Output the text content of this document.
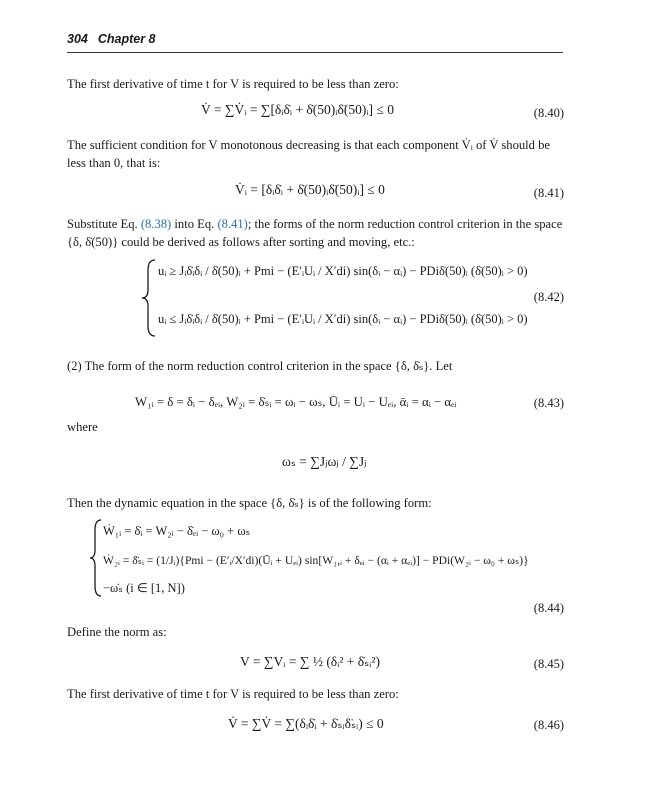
304 Chapter 8
The first derivative of time t for V is required to be less than zero:
V̇ = ∑V̇ᵢ = ∑[δᵢδ̇ᵢ + δ̇(50)ᵢδ̈(50)ᵢ] ≤ 0	(8.40)
The sufficient condition for V monotonous decreasing is that each component V̇ᵢ of V̇ should be less than 0, that is:
V̇ᵢ = [δᵢδ̇ᵢ + δ̇(50)ᵢδ̈(50)ᵢ] ≤ 0	(8.41)
Substitute Eq. (8.38) into Eq. (8.41); the forms of the norm reduction control criterion in the space {δ, δ̇(50)} could be derived as follows after sorting and moving, etc.:
uᵢ ≥ Jᵢδ̇ᵢδᵢ / δ̇(50)ᵢ + Pmi − (E′ᵢUᵢ / X′di) sin(δᵢ − αᵢ) − PDiδ̇(50)ᵢ (δ̇(50)ᵢ > 0)
uᵢ ≤ Jᵢδ̇ᵢδᵢ / δ̇(50)ᵢ + Pmi − (E′ᵢUᵢ / X′di) sin(δᵢ − αᵢ) − PDiδ̇(50)ᵢ (δ̇(50)ᵢ > 0)
(8.42)
(2) The form of the norm reduction control criterion in the space {δ, δ̇ₛ}. Let
W₁ᵢ = δ = δᵢ − δₑᵢ, W₂ᵢ = δ̇ₛᵢ = ωᵢ − ωₛ, Ūᵢ = Uᵢ − Uₑᵢ, ᾱᵢ = αᵢ − αₑᵢ	(8.43)
where
ωₛ = ∑Jⱼωⱼ / ∑Jⱼ
Then the dynamic equation in the space {δ, δ̇ₛ} is of the following form:
Ẇ₁ᵢ = δ̇ᵢ = W₂ᵢ − δ̇ₑᵢ − ω₀ + ωₛ
Ẇ₂ᵢ = δ̈ₛᵢ = (1/Jᵢ){Pmi − (E′ᵢ/X′di)(Ūᵢ + Uₑᵢ) sin[W₁,ᵢ + δₑᵢ − (αᵢ + αₑᵢ)] − PDi(W₂ᵢ − ω₀ + ωₛ)}
−ω̇ₛ (i ∈ [1, N])
(8.44)
Define the norm as:
V = ∑Vᵢ = ∑ ½ (δᵢ² + δ̇ₛᵢ²)	(8.45)
The first derivative of time t for V is required to be less than zero:
V̇ = ∑V̇ = ∑(δᵢδ̇ᵢ + δ̇ₛᵢδ̈ₛᵢ) ≤ 0	(8.46)
